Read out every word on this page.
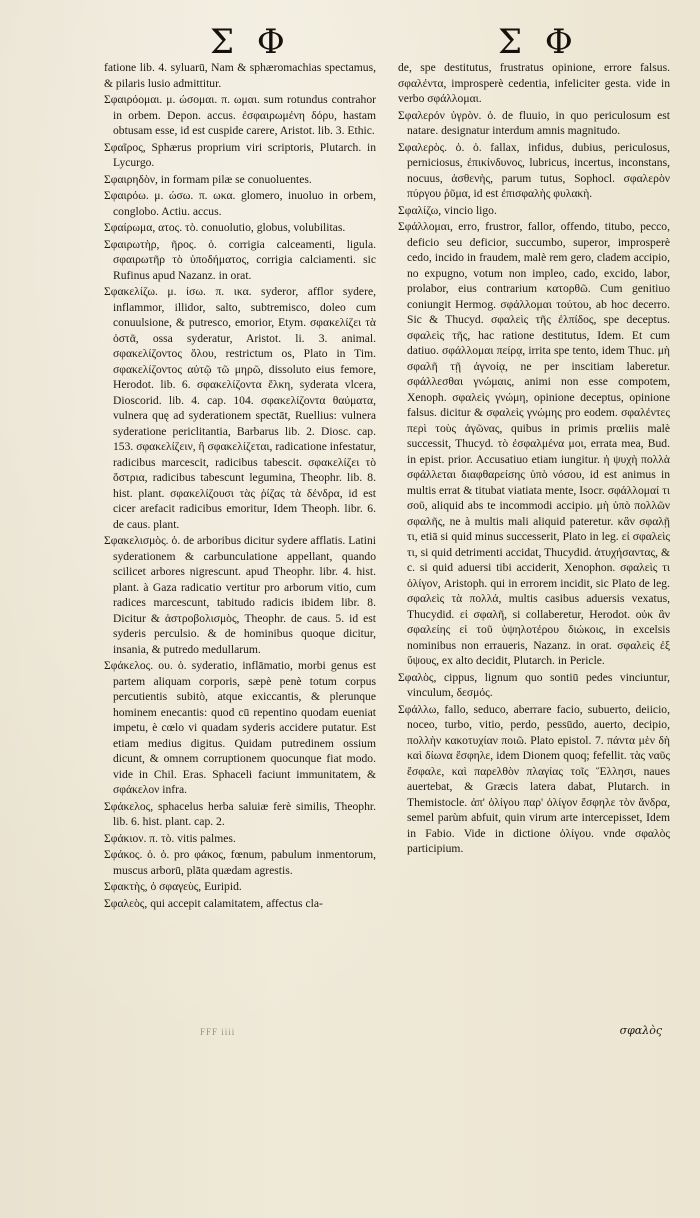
Σ Φ	Σ Φ

fatione lib. 4. syluarū, Nam & sphæromachias spectamus, & pilaris lusio admittitur.

Σφαιρόομαι. μ. ώσομαι. π. ωμαι. sum rotundus contrahor in orbem. Depon. accus. ἐσφαιρωμένη δόρυ, hastam obtusam esse, id est cuspide carere, Aristot. lib. 3. Ethic.

Σφαῖρος, Sphærus proprium viri scriptoris, Plutarch. in Lycurgo.

Σφαιρηδὸν, in formam pilæ se conuoluentes.

Σφαιρόω. μ. ώσω. π. ωκα. glomero, inuoluo in orbem, conglobo. Actiu. accus.

Σφαίρωμα, ατος. τὸ. conuolutio, globus, volubilitas.

Σφαιρωτὴρ, ῆρος. ὁ. corrigia calceamenti, ligula. σφαιρωτῆρ τὸ ὑποδήματος, corrigia calciamenti. sic Rufinus apud Nazanz. in orat.

Σφακελίζω. μ. ίσω. π. ικα. syderor, afflor sydere, inflammor, illidor, salto, subtremisco, doleo cum conuulsione, & putresco, emorior, Etym. σφακελίζει τὰ ὀστᾶ, ossa syderatur, Aristot. li. 3. animal. σφακελίζοντος ὅλου, restrictum os, Plato in Tim. σφακελίζοντος αὐτῷ τῶ μηρῶ, dissoluto eius femore, Herodot. lib. 6. σφακελίζοντα ἕλκη, syderata vlcera, Dioscorid. lib. 4. cap. 104. σφακελίζοντα θαύματα, vulnera quę ad syderationem spectāt, Ruellius: vulnera syderatione periclitantia, Barbarus lib. 2. Diosc. cap. 153. σφακελίζειν, ἢ σφακελίζεται, radicatione infestatur, radicibus marcescit, radicibus tabescit. σφακελίζει τὸ ὄστρια, radicibus tabescunt legumina, Theophr. lib. 8. hist. plant. σφακελίζουσι τὰς ῥίζας τὰ δένδρα, id est cicer arefacit radicibus emoritur, Idem Theoph. libr. 6. de caus. plant.

Σφακελισμὸς. ὁ. de arboribus dicitur sydere afflatis. Latini syderationem & carbunculatione appellant, quando scilicet arbores nigrescunt. apud Theophr. libr. 4. hist. plant. à Gaza radicatio vertitur pro arborum vitio, cum radices marcescunt, tabitudo radicis ibidem libr. 8. Dicitur & ἀστροβολισμὸς, Theophr. de caus. 5. id est syderis perculsio. & de hominibus quoque dicitur, insania, & putredo medullarum.

Σφάκελος. ου. ὁ. syderatio, inflāmatio, morbi genus est partem aliquam corporis, sæpè penè totum corpus percutientis subitò, atque exiccantis, & plerunque hominem enecantis: quod cū repentino quodam eueniat impetu, è cœlo vi quadam syderis accidere putatur. Est etiam medius digitus. Quidam putredinem ossium dicunt, & omnem corruptionem quocunque fiat modo. vide in Chil. Eras. Sphaceli faciunt immunitatem, & σφάκελον infra.

Σφάκελος, sphacelus herba saluiæ ferè similis, Theophr. lib. 6. hist. plant. cap. 2.

Σφάκιον. π. τὸ. vitis palmes.

Σφάκος. ὁ. ὁ. pro φάκος, fœnum, pabulum inmentorum, muscus arborū, plāta quædam agrestis.

Σφακτὴς, ὁ σφαγεὺς, Euripid.

Σφαλεὸς, qui accepit calamitatem, affectus cla-

de, spe destitutus, frustratus opinione, errore falsus. σφαλέντα, improsperè cedentia, infeliciter gesta. vide in verbo σφάλλομαι.

Σφαλερόν ὑγρὸν. ὁ. de fluuio, in quo periculosum est natare. designatur interdum amnis magnitudo.

Σφαλερὸς. ὁ. ὁ. fallax, infidus, dubius, periculosus, perniciosus, ἐπικίνδυνος, lubricus, incertus, inconstans, nocuus, ἀσθενὴς, parum tutus, Sophocl. σφαλερὸν πύργου ῥῦμα, id est ἐπισφαλὴς φυλακὴ.

Σφαλίζω, vincio ligo.

Σφάλλομαι, erro, frustror, fallor, offendo, titubo, pecco, deficio seu deficior, succumbo, superor, improsperè cedo, incido in fraudem, malè rem gero, cladem accipio, no expugno, votum non impleo, cado, excido, labor, prolabor, eius contrarium κατορθῶ. Cum genitiuo coniungit Hermog. σφάλλομαι τούτου, ab hoc decerro. Sic & Thucyd. σφαλεὶς τῆς ἐλπίδος, spe deceptus. σφαλεὶς τῆς, hac ratione destitutus, Idem. Et cum datiuo. σφάλλομαι πείρᾳ, irrita spe tento, idem Thuc. μὴ σφαλῆ τῇ ἀγνοίᾳ, ne per inscitiam laberetur. σφάλλεσθαι γνώμαις, animi non esse compotem, Xenoph. σφαλεὶς γνώμη, opinione deceptus, opinione falsus. dicitur & σφαλεὶς γνώμης pro eodem. σφαλέντες περὶ τοὺς ἀγῶνας, quibus in primis prœliis malè successit, Thucyd. τὸ ἐσφαλμένα μοι, errata mea, Bud. in epist. prior. Accusatiuo etiam iungitur. ἡ ψυχὴ πολλὰ σφάλλεται διαφθαρείσης ὑπὸ νόσου, id est animus in multis errat & titubat viatiata mente, Isocr. σφάλλομαί τι σοῦ, aliquid abs te incommodi accipio. μὴ ὑπὸ πολλῶν σφαλῆς, ne à multis mali aliquid pateretur. κἂν σφαλῇ τι, etiā si quid minus successerit, Plato in leg. εἰ σφαλεὶς τι, si quid detrimenti accidat, Thucydid. ἀτυχήσαντας, & c. si quid aduersi tibi acciderit, Xenophon. σφαλεὶς τι ὀλίγον, Aristoph. qui in errorem incidit, sic Plato de leg. σφαλεὶς τὰ πολλά, multis casibus aduersis vexatus, Thucydid. εἰ σφαλῆ, si collaberetur, Herodot. οὐκ ἂν σφαλείης εἰ τοῦ ὑψηλοτέρου διώκοις, in excelsis nominibus non erraueris, Nazanz. in orat. σφαλεὶς ἐξ ὕψους, ex alto decidit, Plutarch. in Pericle.

Σφαλὸς, cippus, lignum quo sontiū pedes vinciuntur, vinculum, δεσμός.

Σφάλλω, fallo, seduco, aberrare facio, subuerto, deiicio, noceo, turbo, vitio, perdo, pessūdo, auerto, decipio, πολλὴν κακοτυχίαν ποιῶ. Plato epistol. 7. πάντα μὲν δὴ καὶ δίωνα ἔσφηλε, idem Dionem quoq; fefellit. τὰς ναῦς ἔσφαλε, καὶ παρελθὸν πλαγίας τοῖς Ἕλλησι, naues auertebat, & Græcis latera dabat, Plutarch. in Themistocle. ἀπ' ὀλίγου παρ' ὀλίγον ἔσφηλε τὸν ἄνδρα, semel parùm abfuit, quin virum arte intercepisset, Idem in Fabio. Vide in dictione ὀλίγου. vnde σφαλὸς participium.

FFF iiii	σφαλὸς
